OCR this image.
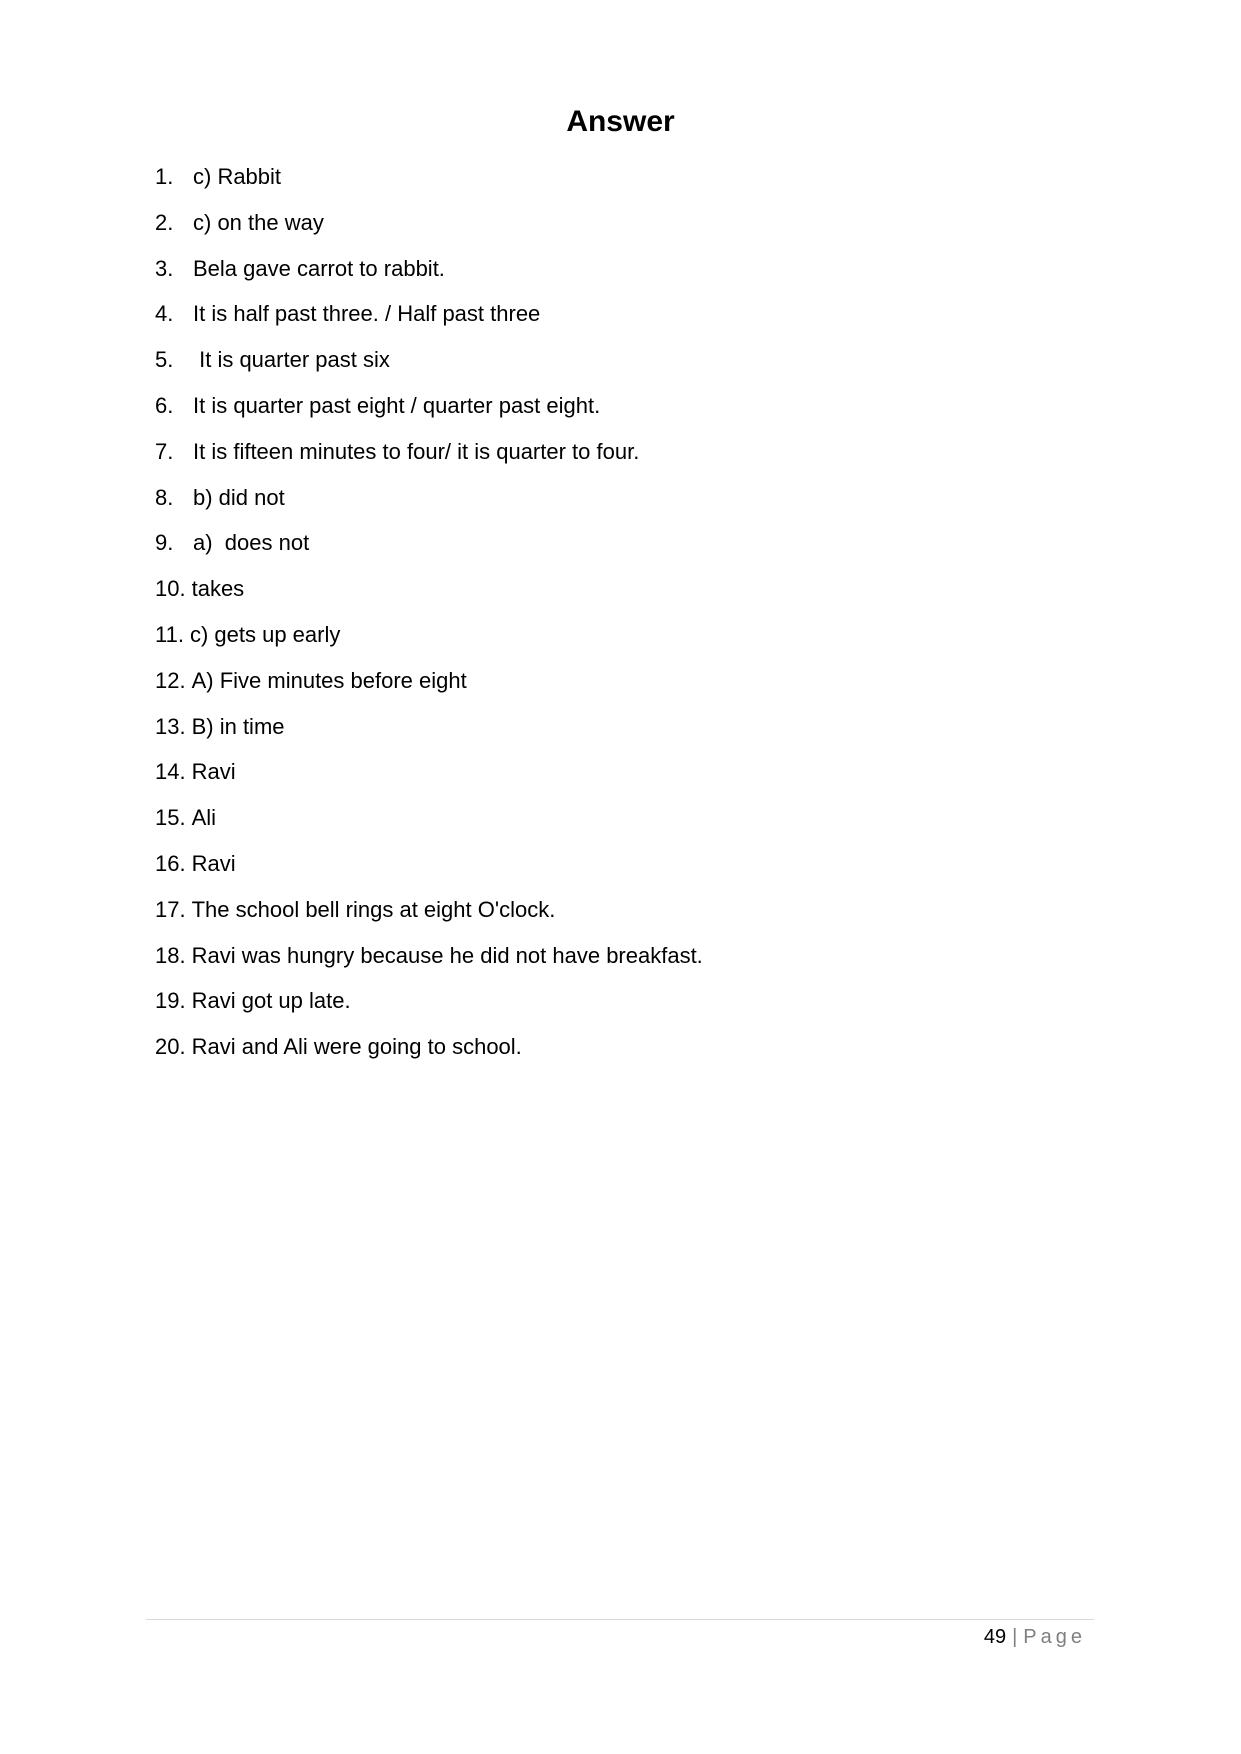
Answer
1. c) Rabbit
2. c) on the way
3. Bela gave carrot to rabbit.
4. It is half past three. / Half past three
5. It is quarter past six
6. It is quarter past eight / quarter past eight.
7. It is fifteen minutes to four/ it is quarter to four.
8. b) did not
9. a)  does not
10. takes
11. c) gets up early
12. A) Five minutes before eight
13. B) in time
14. Ravi
15. Ali
16. Ravi
17. The school bell rings at eight O'clock.
18. Ravi was hungry because he did not have breakfast.
19. Ravi got up late.
20. Ravi and Ali were going to school.
49 | Page
